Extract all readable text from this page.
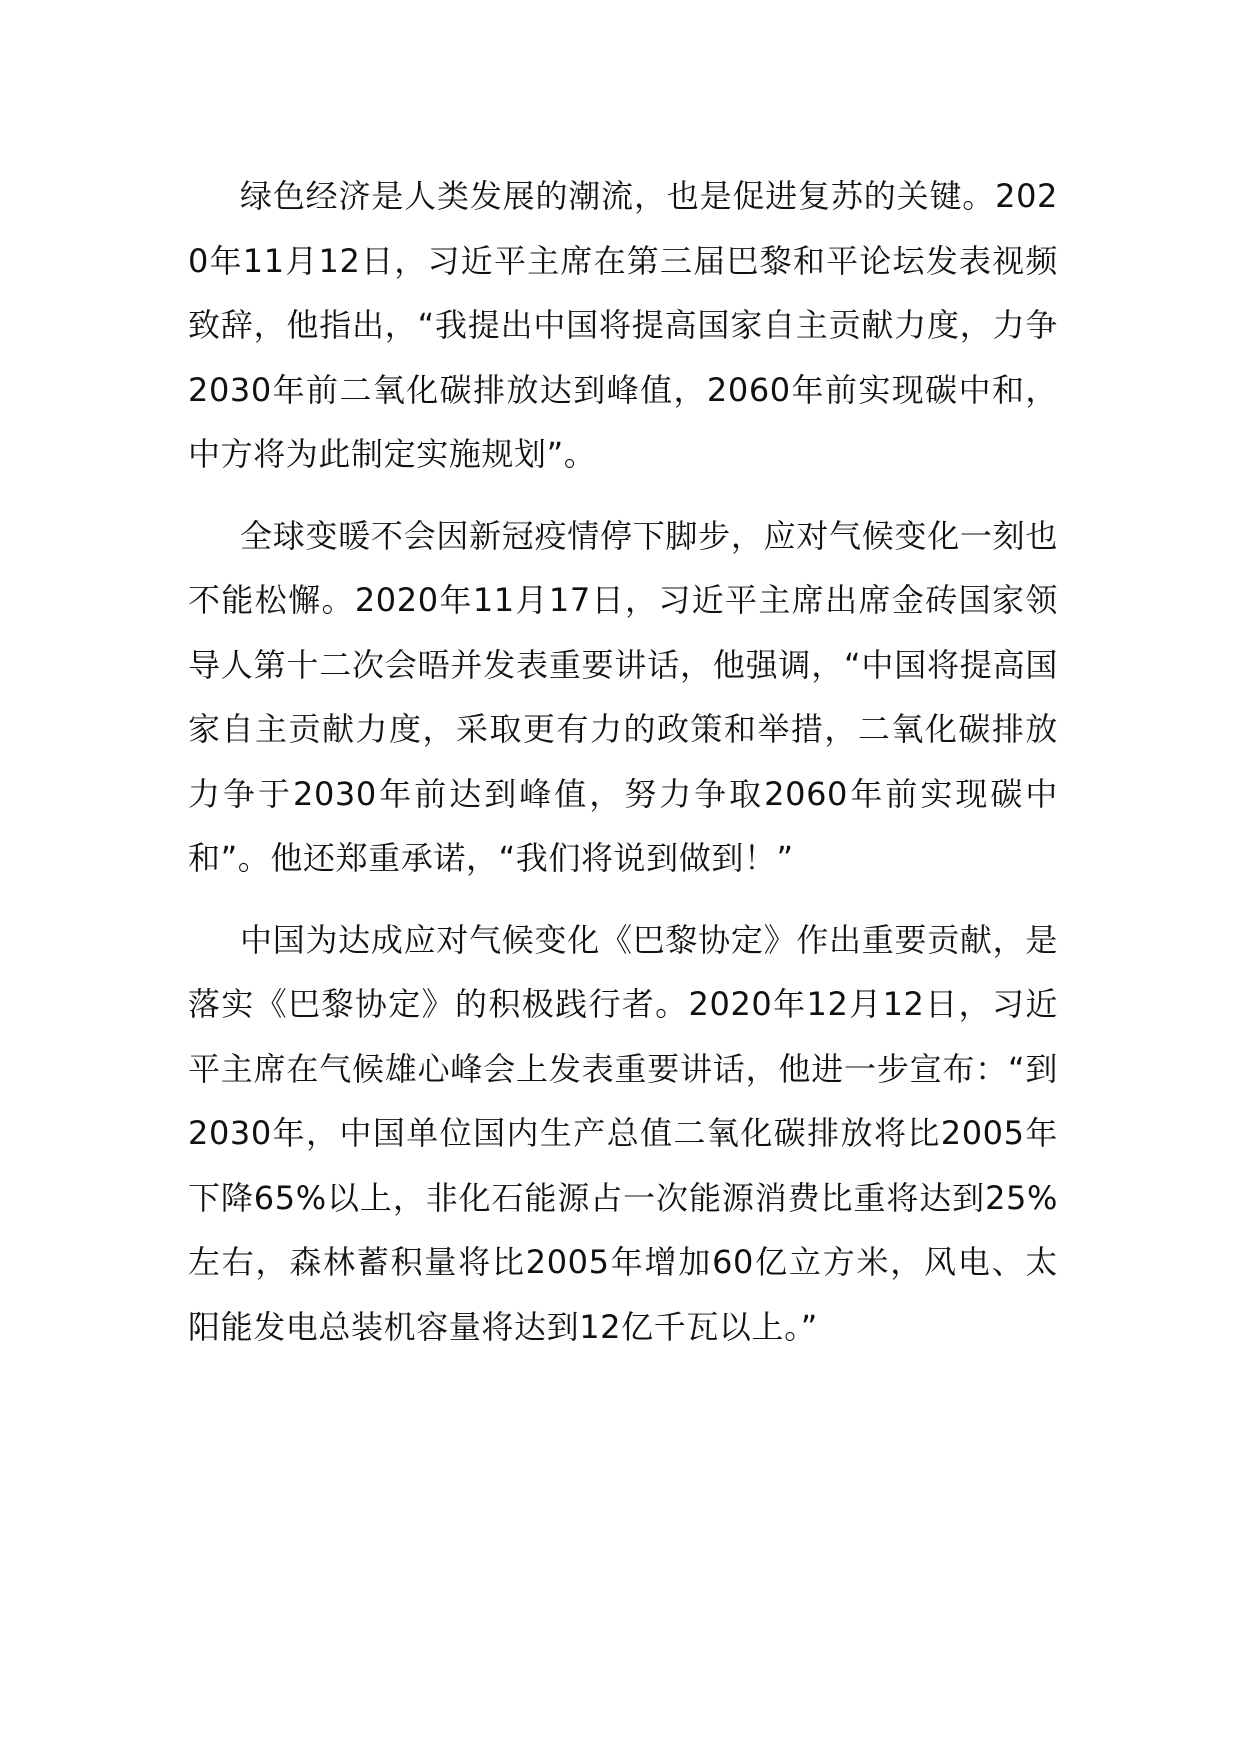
绿色经济是人类发展的潮流，也是促进复苏的关键。2020年11月12日，习近平主席在第三届巴黎和平论坛发表视频致辞，他指出，“我提出中国将提高国家自主贡献力度，力争2030年前二氧化碳排放达到峰值，2060年前实现碳中和，中方将为此制定实施规划”。

全球变暖不会因新冠疫情停下脚步，应对气候变化一刻也不能松懈。2020年11月17日，习近平主席出席金砖国家领导人第十二次会晤并发表重要讲话，他强调，“中国将提高国家自主贡献力度，采取更有力的政策和举措，二氧化碳排放力争于2030年前达到峰值，努力争取2060年前实现碳中和”。他还郑重承诺，“我们将说到做到！”

中国为达成应对气候变化《巴黎协定》作出重要贡献，是落实《巴黎协定》的积极践行者。2020年12月12日，习近平主席在气候雄心峰会上发表重要讲话，他进一步宣布：“到2030年，中国单位国内生产总值二氧化碳排放将比2005年下降65%以上，非化石能源占一次能源消费比重将达到25%左右，森林蓄积量将比2005年增加60亿立方米，风电、太阳能发电总装机容量将达到12亿千瓦以上。”
